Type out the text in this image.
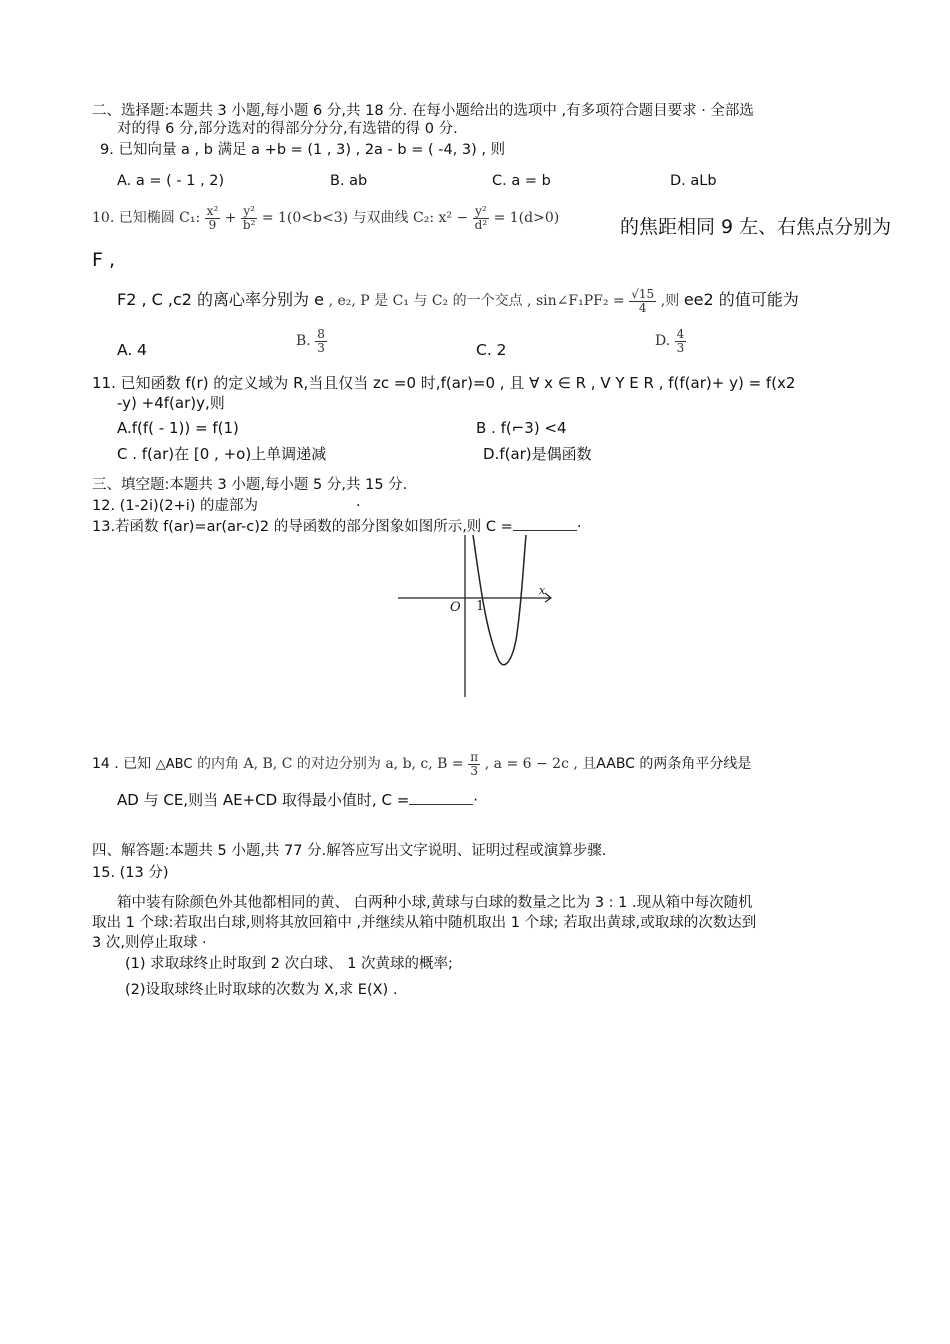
二、选择题:本题共 3 小题,每小题 6 分,共 18 分. 在每小题给出的选项中 ,有多项符合题目要求 · 全部选
对的得 6 分,部分选对的得部分分分,有选错的得 0 分.
9. 已知向量 a , b 满足 a +b = (1 , 3) , 2a - b = ( -4, 3) , 则
A. a = ( - 1 , 2)	B. ab	C. a = b	D. aLb
10. 已知椭圆 C₁: $\frac{\text{x²}}{9} + \frac{\text{y²}}{\text{b²}} = 1(0<b<3)$ 与双曲线 C₂: $x^2 - \frac{\text{y²}}{\text{d²}} = 1(d>0)$	的焦距相同 9 左、右焦点分别为
F ,
F2 , C ,c2 的离心率分别为 e , e₂, P 是 C₁ 与 C₂ 的一个交点 , sin∠F₁PF₂ = $\frac{√15}{4}$ ,则 ee2 的值可能为
A. 4	B. $\frac{8}{3}$	C. 2	D. $\frac{4}{3}$
11. 已知函数 f(r) 的定义域为 R,当且仅当 zc =0 时,f(ar)=0 , 且 ∀ x ∈ R , V Y E R , f(f(ar)+ y) = f(x2
-y) +4f(ar)y,则
A.f(f( - 1)) = f(1)	B . f(⌐3) <4
C . f(ar)在 [0 , +o)上单调递减	D.f(ar)是偶函数
三、填空题:本题共 3 小题,每小题 5 分,共 15 分.
12. (1-2i)(2+i) 的虚部为	·
13.若函数 f(ar)=ar(ar-c)2 的导函数的部分图象如图所示,则 C =	·
O 1
x
14 . 已知 △ABC 的内角 A, B, C 的对边分别为 a, b, c, $B = \frac{\pi}{3}$ , a = 6 − 2c , 且AABC 的两条角平分线是
AD 与 CE,则当 AE+CD 取得最小值时, C =	·
四、解答题:本题共 5 小题,共 77 分.解答应写出文字说明、证明过程或演算步骤.
15. (13 分)
箱中装有除颜色外其他都相同的黄、 白两种小球,黄球与白球的数量之比为 3 : 1 .现从箱中每次随机
取出 1 个球:若取出白球,则将其放回箱中 ,并继续从箱中随机取出 1 个球; 若取出黄球,或取球的次数达到
3 次,则停止取球 ·
(1) 求取球终止时取到 2 次白球、 1 次黄球的概率;
(2)设取球终止时取球的次数为 X,求 E(X) .
